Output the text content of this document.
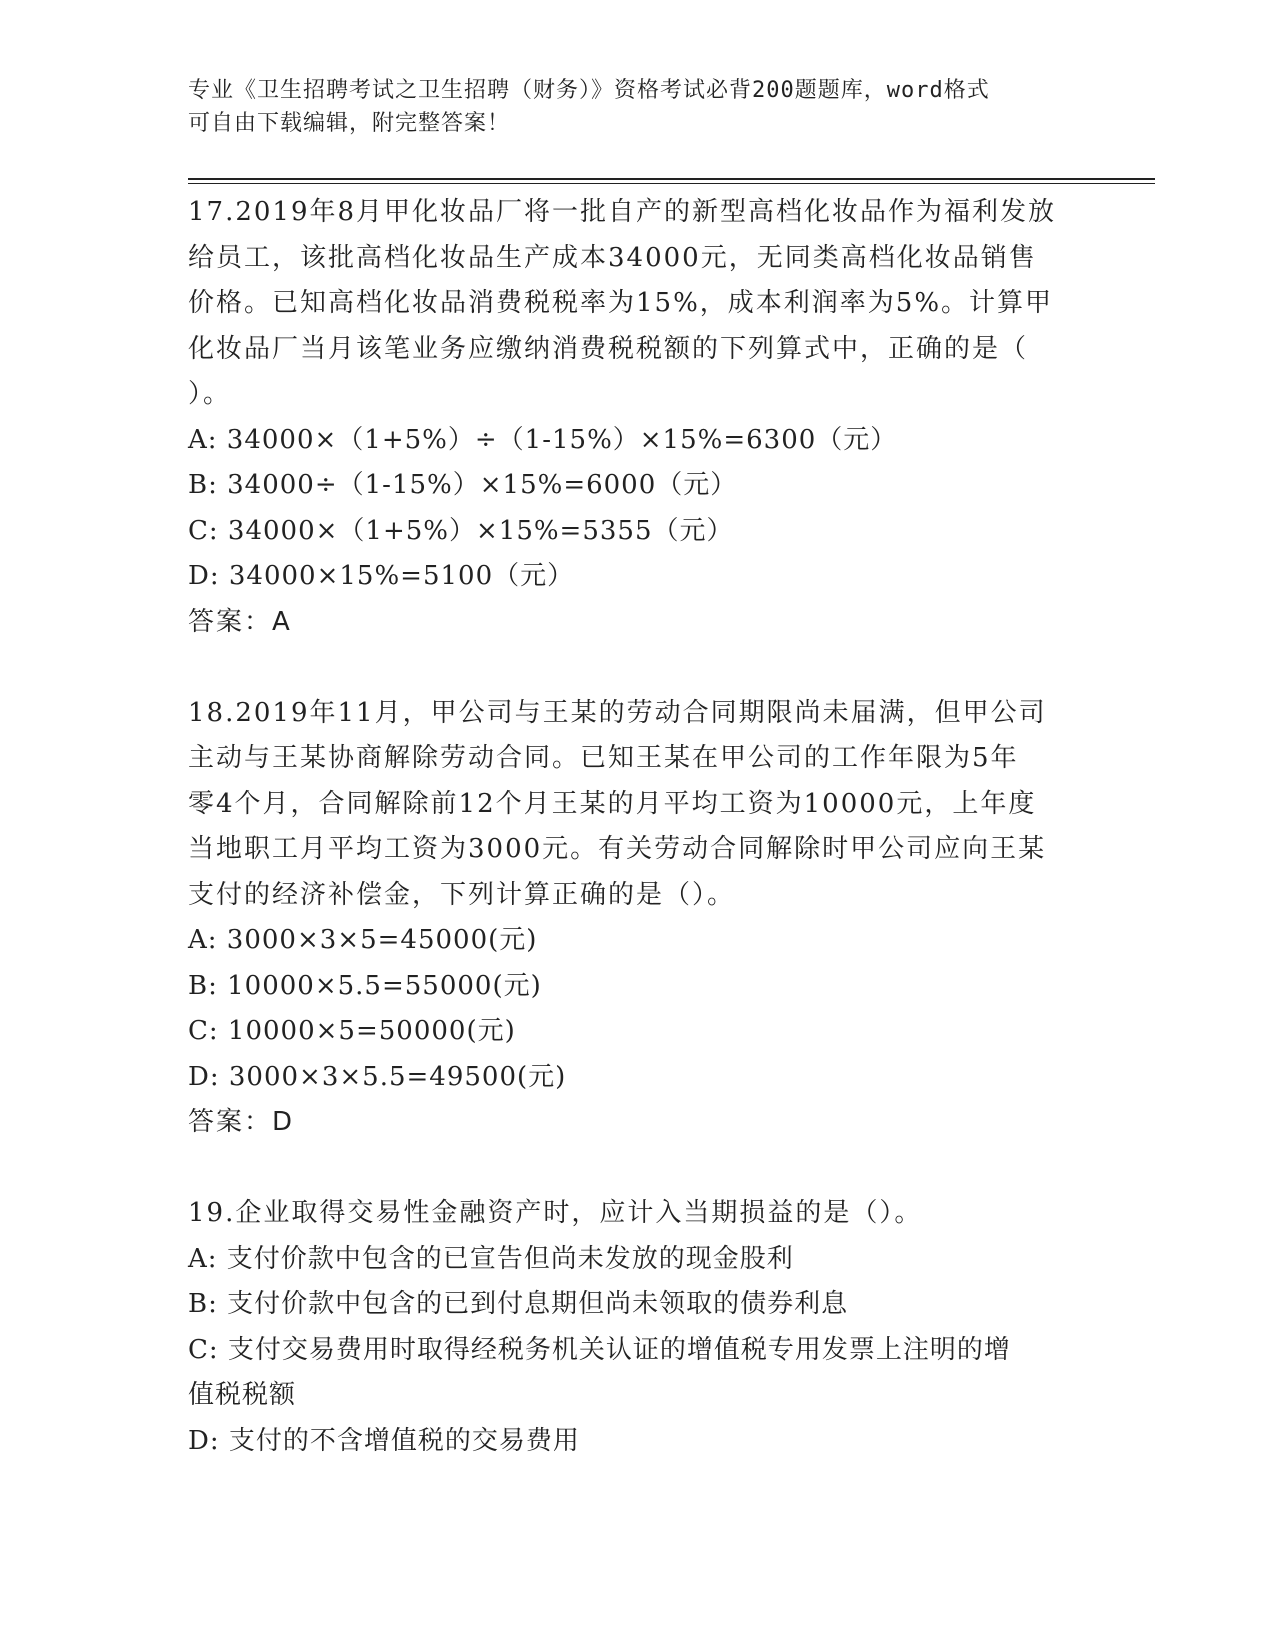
专业《卫生招聘考试之卫生招聘（财务）》资格考试必背200题题库，word格式
可自由下载编辑，附完整答案！
17.2019年8月甲化妆品厂将一批自产的新型高档化妆品作为福利发放
给员工，该批高档化妆品生产成本34000元，无同类高档化妆品销售
价格。已知高档化妆品消费税税率为15%，成本利润率为5%。计算甲
化妆品厂当月该笔业务应缴纳消费税税额的下列算式中，正确的是（
）。
A: 34000×（1+5%）÷（1-15%）×15%=6300（元）
B: 34000÷（1-15%）×15%=6000（元）
C: 34000×（1+5%）×15%=5355（元）
D: 34000×15%=5100（元）
答案：A
18.2019年11月，甲公司与王某的劳动合同期限尚未届满，但甲公司
主动与王某协商解除劳动合同。已知王某在甲公司的工作年限为5年
零4个月，合同解除前12个月王某的月平均工资为10000元，上年度
当地职工月平均工资为3000元。有关劳动合同解除时甲公司应向王某
支付的经济补偿金，下列计算正确的是（）。
A: 3000×3×5=45000(元)
B: 10000×5.5=55000(元)
C: 10000×5=50000(元)
D: 3000×3×5.5=49500(元)
答案：D
19.企业取得交易性金融资产时，应计入当期损益的是（）。
A: 支付价款中包含的已宣告但尚未发放的现金股利
B: 支付价款中包含的已到付息期但尚未领取的债券利息
C: 支付交易费用时取得经税务机关认证的增值税专用发票上注明的增
值税税额
D: 支付的不含增值税的交易费用
